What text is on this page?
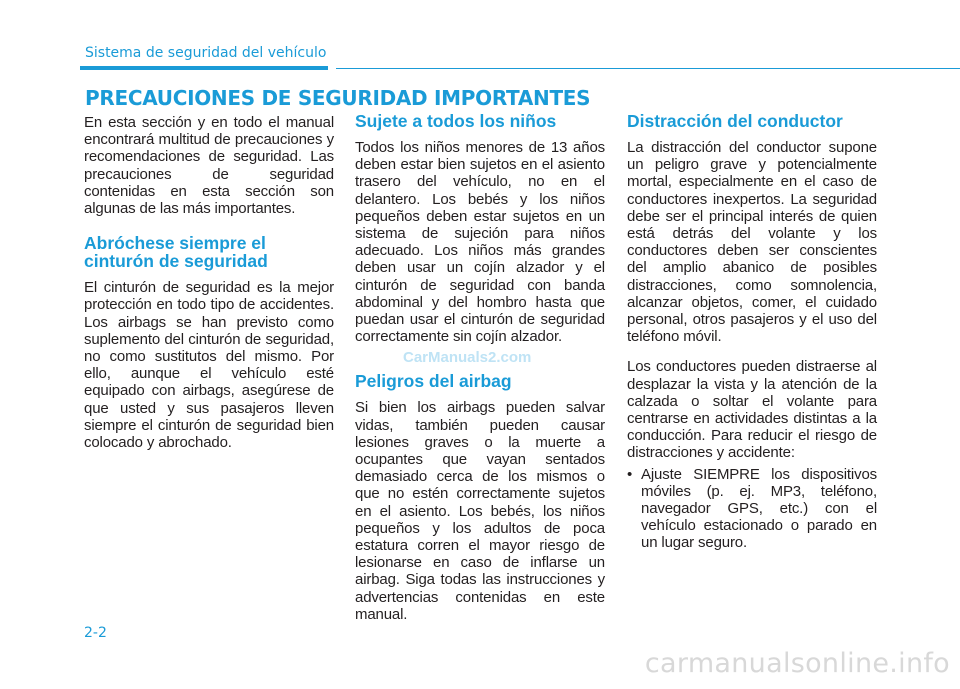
Sistema de seguridad del vehículo
PRECAUCIONES DE SEGURIDAD IMPORTANTES

En esta sección y en todo el manual encontrará multitud de precauciones y recomendaciones de seguridad. Las precauciones de seguridad contenidas en esta sección son algunas de las más importantes.

Abróchese siempre el cinturón de seguridad

El cinturón de seguridad es la mejor protección en todo tipo de accidentes. Los airbags se han previsto como suplemento del cinturón de seguridad, no como sustitutos del mismo. Por ello, aunque el vehículo esté equipado con airbags, asegúrese de que usted y sus pasajeros lleven siempre el cinturón de seguridad bien colocado y abrochado.

Sujete a todos los niños

Todos los niños menores de 13 años deben estar bien sujetos en el asiento trasero del vehículo, no en el delantero. Los bebés y los niños pequeños deben estar sujetos en un sistema de sujeción para niños adecuado. Los niños más grandes deben usar un cojín alzador y el cinturón de seguridad con banda abdominal y del hombro hasta que puedan usar el cinturón de seguridad correctamente sin cojín alzador.

CarManuals2.com
Peligros del airbag

Si bien los airbags pueden salvar vidas, también pueden causar lesiones graves o la muerte a ocupantes que vayan sentados demasiado cerca de los mismos o que no estén correctamente sujetos en el asiento. Los bebés, los niños pequeños y los adultos de poca estatura corren el mayor riesgo de lesionarse en caso de inflarse un airbag. Siga todas las instrucciones y advertencias contenidas en este manual.

Distracción del conductor

La distracción del conductor supone un peligro grave y potencialmente mortal, especialmente en el caso de conductores inexpertos. La seguridad debe ser el principal interés de quien está detrás del volante y los conductores deben ser conscientes del amplio abanico de posibles distracciones, como somnolencia, alcanzar objetos, comer, el cuidado personal, otros pasajeros y el uso del teléfono móvil.

Los conductores pueden distraerse al desplazar la vista y la atención de la calzada o soltar el volante para centrarse en actividades distintas a la conducción. Para reducir el riesgo de distracciones y accidente:

• Ajuste SIEMPRE los dispositivos móviles (p. ej. MP3, teléfono, navegador GPS, etc.) con el vehículo estacionado o parado en un lugar seguro.
2-2
carmanualsonline.info
